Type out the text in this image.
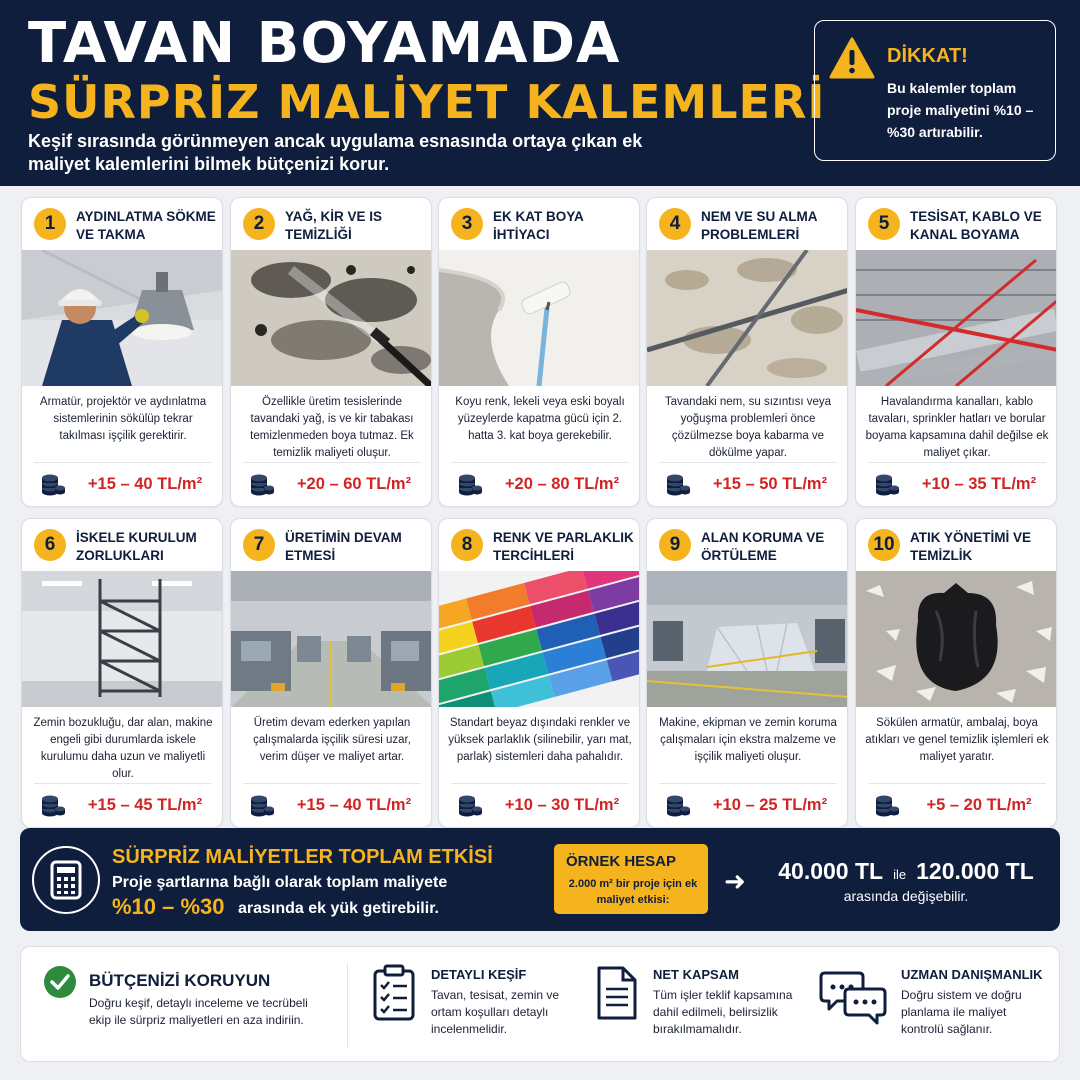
TAVAN BOYAMADA
SÜRPRİZ MALİYET KALEMLERİ
Keşif sırasında görünmeyen ancak uygulama esnasında ortaya çıkan ek maliyet kalemlerini bilmek bütçenizi korur.
DİKKAT!
Bu kalemler toplam proje maliyetini %10 – %30 artırabilir.
1	AYDINLATMA SÖKME VE TAKMA
Armatür, projektör ve aydınlatma sistemlerinin sökülüp tekrar takılması işçilik gerektirir.
+15 – 40 TL/m²
2	YAĞ, KİR VE IS TEMİZLİĞİ
Özellikle üretim tesislerinde tavandaki yağ, is ve kir tabakası temizlenmeden boya tutmaz. Ek temizlik maliyeti oluşur.
+20 – 60 TL/m²
3	EK KAT BOYA İHTİYACI
Koyu renk, lekeli veya eski boyalı yüzeylerde kapatma gücü için 2. hatta 3. kat boya gerekebilir.
+20 – 80 TL/m²
4	NEM VE SU ALMA PROBLEMLERİ
Tavandaki nem, su sızıntısı veya yoğuşma problemleri önce çözülmezse boya kabarma ve dökülme yapar.
+15 – 50 TL/m²
5	TESİSAT, KABLO VE KANAL BOYAMA
Havalandırma kanalları, kablo tavaları, sprinkler hatları ve borular boyama kapsamına dahil değilse ek maliyet çıkar.
+10 – 35 TL/m²
6	İSKELE KURULUM ZORLUKLARI
Zemin bozukluğu, dar alan, makine engeli gibi durumlarda iskele kurulumu daha uzun ve maliyetli olur.
+15 – 45 TL/m²
7	ÜRETİMİN DEVAM ETMESİ
Üretim devam ederken yapılan çalışmalarda işçilik süresi uzar, verim düşer ve maliyet artar.
+15 – 40 TL/m²
8	RENK VE PARLAKLIK TERCİHLERİ
Standart beyaz dışındaki renkler ve yüksek parlaklık (silinebilir, yarı mat, parlak) sistemleri daha pahalıdır.
+10 – 30 TL/m²
9	ALAN KORUMA VE ÖRTÜLEME
Makine, ekipman ve zemin koruma çalışmaları için ekstra malzeme ve işçilik maliyeti oluşur.
+10 – 25 TL/m²
10	ATIK YÖNETİMİ VE TEMİZLİK
Sökülen armatür, ambalaj, boya atıkları ve genel temizlik işlemleri ek maliyet yaratır.
+5 – 20 TL/m²
SÜRPRİZ MALİYETLER TOPLAM ETKİSİ
Proje şartlarına bağlı olarak toplam maliyete
%10 – %30 arasında ek yük getirebilir.
ÖRNEK HESAP
2.000 m² bir proje için ek maliyet etkisi:
➜	40.000 TL ile 120.000 TL
arasında değişebilir.
BÜTÇENİZİ KORUYUN
Doğru keşif, detaylı inceleme ve tecrübeli ekip ile sürpriz maliyetleri en aza indiriin.
DETAYLI KEŞİF
Tavan, tesisat, zemin ve ortam koşulları detaylı incelenmelidir.
NET KAPSAM
Tüm işler teklif kapsamına dahil edilmeli, belirsizlik bırakılmamalıdır.
UZMAN DANIŞMANLIK
Doğru sistem ve doğru planlama ile maliyet kontrolü sağlanır.
